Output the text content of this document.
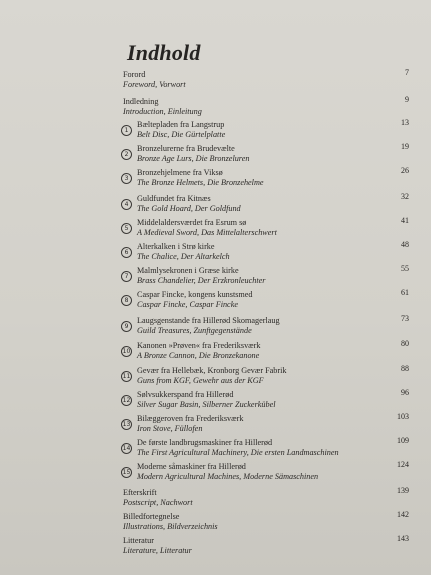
Indhold
Forord
Foreword, Vorwort
7
Indledning
Introduction, Einleitung
9
1
Bæltepladen fra Langstrup
Belt Disc, Die Gürtelplatte
13
2
Bronzelurerne fra Brudevælte
Bronze Age Lurs, Die Bronzeluren
19
3
Bronzehjelmene fra Viksø
The Bronze Helmets, Die Bronzehelme
26
4
Guldfundet fra Kitnæs
The Gold Hoard, Der Goldfund
32
5
Middelaldersværdet fra Esrum sø
A Medieval Sword, Das Mittelalterschwert
41
6
Alterkalken i Strø kirke
The Chalice, Der Altarkelch
48
7
Malmlysekronen i Græse kirke
Brass Chandelier, Der Erzkronleuchter
55
8
Caspar Fincke, kongens kunstsmed
Caspar Fincke, Caspar Fincke
61
9
Laugsgenstande fra Hillerød Skomagerlaug
Guild Treasures, Zunftgegenstände
73
10
Kanonen »Prøven« fra Frederiksværk
A Bronze Cannon, Die Bronzekanone
80
11
Gevær fra Hellebæk, Kronborg Gevær Fabrik
Guns from KGF, Gewehr aus der KGF
88
12
Sølvsukkerspand fra Hillerød
Silver Sugar Basin, Silberner Zuckerkübel
96
13
Bilæggeroven fra Frederiksværk
Iron Stove, Füllofen
103
14
De første landbrugsmaskiner fra Hillerød
The First Agricultural Machinery, Die ersten Landmaschinen
109
15
Moderne såmaskiner fra Hillerød
Modern Agricultural Machines, Moderne Sämaschinen
124
Efterskrift
Postscript, Nachwort
139
Billedfortegnelse
Illustrations, Bildverzeichnis
142
Litteratur
Literature, Litteratur
143
